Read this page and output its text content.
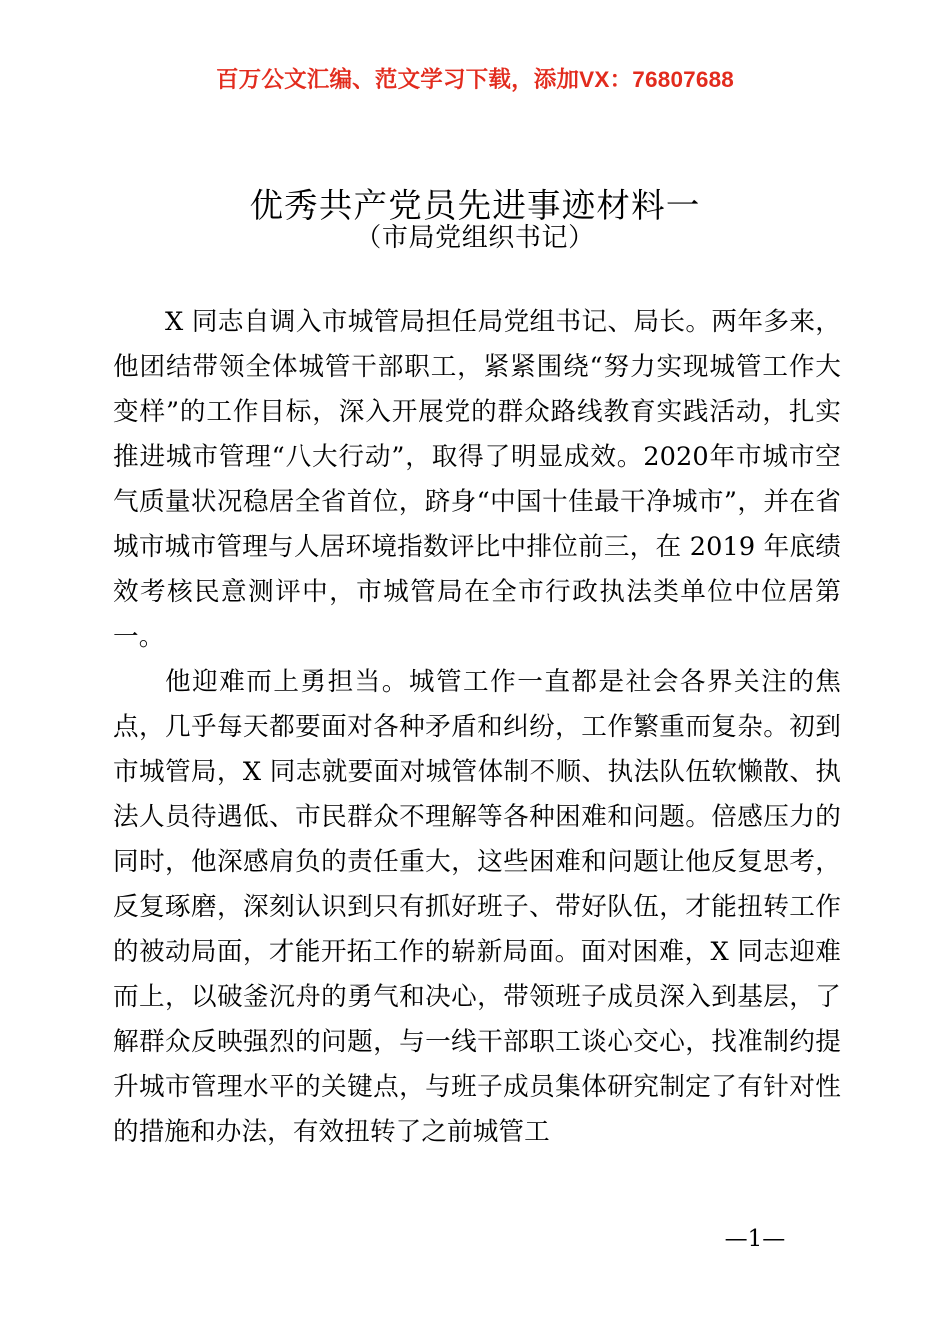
百万公文汇编、范文学习下载，添加VX：76807688
优秀共产党员先进事迹材料一
（市局党组织书记）

X 同志自调入市城管局担任局党组书记、局长。两年多来，他团结带领全体城管干部职工，紧紧围绕“努力实现城管工作大变样”的工作目标，深入开展党的群众路线教育实践活动，扎实推进城市管理“八大行动”，取得了明显成效。2020年市城市空气质量状况稳居全省首位，跻身“中国十佳最干净城市”，并在省城市城市管理与人居环境指数评比中排位前三，在 2019 年底绩效考核民意测评中，市城管局在全市行政执法类单位中位居第一。

他迎难而上勇担当。城管工作一直都是社会各界关注的焦点，几乎每天都要面对各种矛盾和纠纷，工作繁重而复杂。初到市城管局，X 同志就要面对城管体制不顺、执法队伍软懒散、执法人员待遇低、市民群众不理解等各种困难和问题。倍感压力的同时，他深感肩负的责任重大，这些困难和问题让他反复思考，反复琢磨，深刻认识到只有抓好班子、带好队伍，才能扭转工作的被动局面，才能开拓工作的崭新局面。面对困难，X 同志迎难而上，以破釜沉舟的勇气和决心，带领班子成员深入到基层，了解群众反映强烈的问题，与一线干部职工谈心交心，找准制约提升城市管理水平的关键点，与班子成员集体研究制定了有针对性的措施和办法，有效扭转了之前城管工

—1—
